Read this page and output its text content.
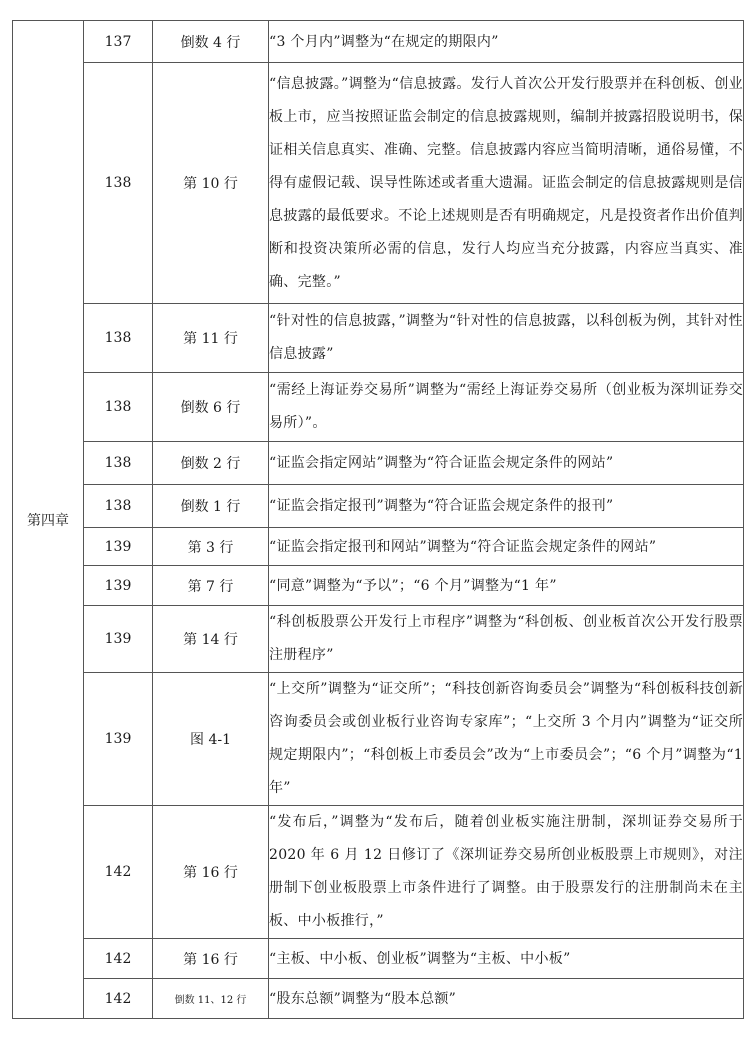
第四章	137	倒数 4 行	“3 个月内”调整为“在规定的期限内”
	138	第 10 行	“信息披露。”调整为“信息披露。发行人首次公开发行股票并在科创板、创业板上市，应当按照证监会制定的信息披露规则，编制并披露招股说明书，保证相关信息真实、准确、完整。信息披露内容应当简明清晰，通俗易懂，不得有虚假记载、误导性陈述或者重大遗漏。证监会制定的信息披露规则是信息披露的最低要求。不论上述规则是否有明确规定，凡是投资者作出价值判断和投资决策所必需的信息，发行人均应当充分披露，内容应当真实、准确、完整。”
	138	第 11 行	“针对性的信息披露，”调整为“针对性的信息披露，以科创板为例，其针对性信息披露”
	138	倒数 6 行	“需经上海证券交易所”调整为“需经上海证券交易所（创业板为深圳证券交易所）”。
	138	倒数 2 行	“证监会指定网站”调整为“符合证监会规定条件的网站”
	138	倒数 1 行	“证监会指定报刊”调整为“符合证监会规定条件的报刊”
	139	第 3 行	“证监会指定报刊和网站”调整为“符合证监会规定条件的网站”
	139	第 7 行	“同意”调整为“予以”；“6 个月”调整为“1 年”
	139	第 14 行	“科创板股票公开发行上市程序”调整为“科创板、创业板首次公开发行股票注册程序”
	139	图 4-1	“上交所”调整为“证交所”；“科技创新咨询委员会”调整为“科创板科技创新咨询委员会或创业板行业咨询专家库”；“上交所 3 个月内”调整为“证交所规定期限内”；“科创板上市委员会”改为“上市委员会”；“6 个月”调整为“1 年”
	142	第 16 行	“发布后，”调整为“发布后，随着创业板实施注册制，深圳证券交易所于 2020 年 6 月 12 日修订了《深圳证券交易所创业板股票上市规则》，对注册制下创业板股票上市条件进行了调整。由于股票发行的注册制尚未在主板、中小板推行，”
	142	第 16 行	“主板、中小板、创业板”调整为“主板、中小板”
	142	倒数 11、12 行	“股东总额”调整为“股本总额”
